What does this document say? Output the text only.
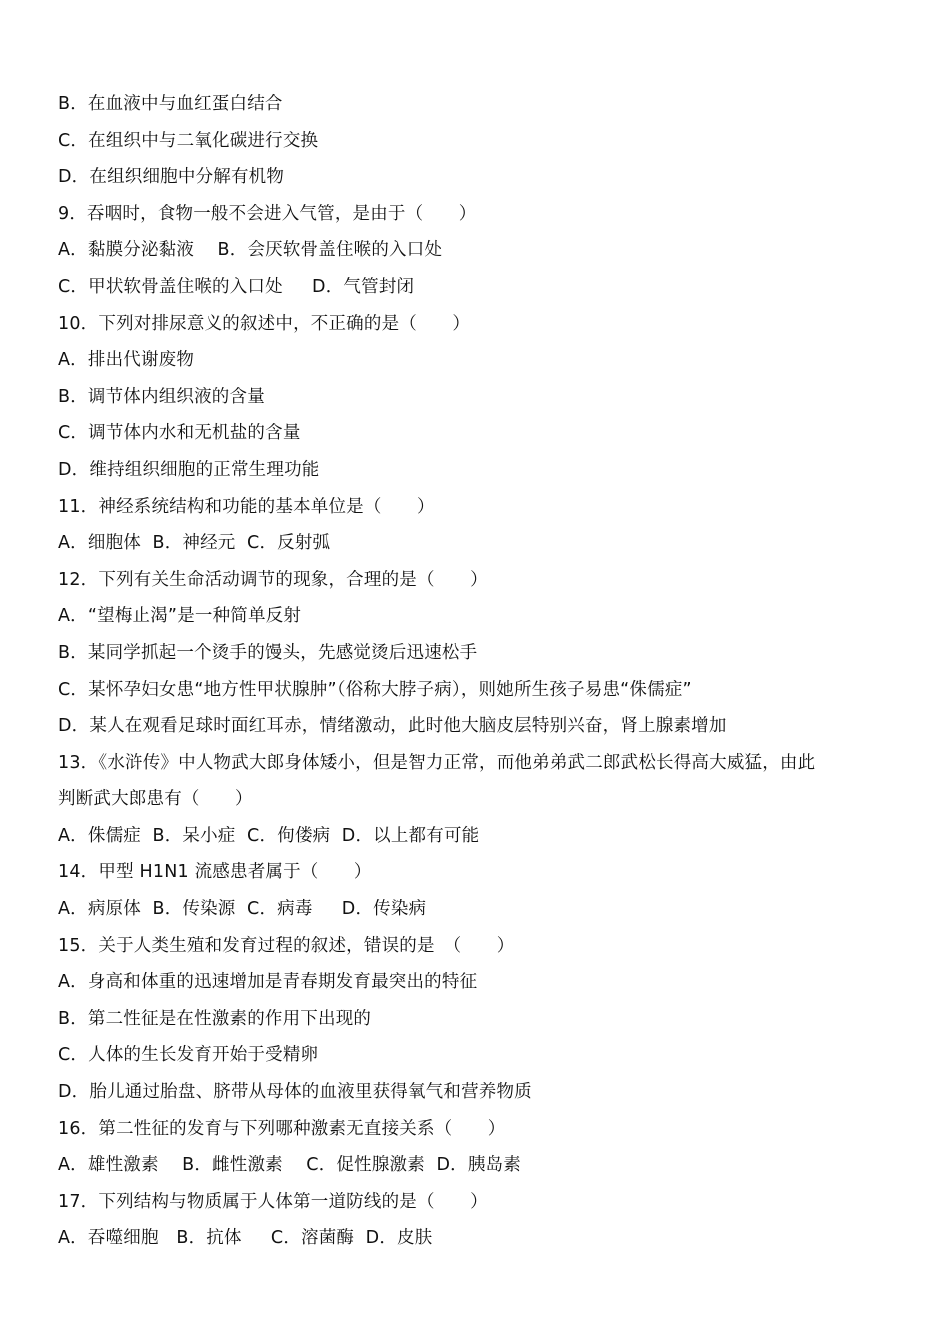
B．在血液中与血红蛋白结合
C．在组织中与二氧化碳进行交换
D．在组织细胞中分解有机物
9．吞咽时，食物一般不会进入气管，是由于（　　）
A．黏膜分泌黏液　 B．会厌软骨盖住喉的入口处
C．甲状软骨盖住喉的入口处　  D．气管封闭
10．下列对排尿意义的叙述中，不正确的是（　　）
A．排出代谢废物
B．调节体内组织液的含量
C．调节体内水和无机盐的含量
D．维持组织细胞的正常生理功能
11．神经系统结构和功能的基本单位是（　　）
A．细胞体  B．神经元  C．反射弧
12．下列有关生命活动调节的现象，合理的是（　　）
A．“望梅止渴”是一种简单反射
B．某同学抓起一个烫手的馒头，先感觉烫后迅速松手
C．某怀孕妇女患“地方性甲状腺肿”（俗称大脖子病），则她所生孩子易患“侏儒症”
D．某人在观看足球时面红耳赤，情绪激动，此时他大脑皮层特别兴奋，肾上腺素增加
13．《水浒传》中人物武大郎身体矮小，但是智力正常，而他弟弟武二郎武松长得高大威猛，由此
判断武大郎患有（　　）
A．侏儒症  B．呆小症  C．佝偻病  D．以上都有可能
14．甲型 H1N1 流感患者属于（　　）
A．病原体  B．传染源  C．病毒　  D．传染病
15．关于人类生殖和发育过程的叙述，错误的是　（　　）
A．身高和体重的迅速增加是青春期发育最突出的特征
B．第二性征是在性激素的作用下出现的
C．人体的生长发育开始于受精卵
D．胎儿通过胎盘、脐带从母体的血液里获得氧气和营养物质
16．第二性征的发育与下列哪种激素无直接关系（　　）
A．雄性激素　 B．雌性激素　 C．促性腺激素  D．胰岛素
17．下列结构与物质属于人体第一道防线的是（　　）
A．吞噬细胞　B．抗体　  C．溶菌酶  D．皮肤
